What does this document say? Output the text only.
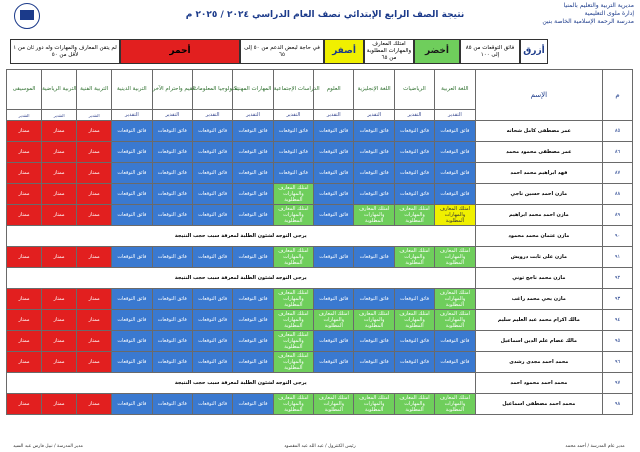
مديرية التربية والتعليم بالمنيا
إدارة ملوى التعليمية
مدرسة الرحمة الإسلامية الخاصة بنين
نتيجة الصف الرابع الإبتدائي نصف العام الدراسي ٢٠٢٤ / ٢٠٢٥ م
فائق التوقعات من ٨٥ إلى ١٠٠	أزرق
امتلك المعارف والمهارات المطلوبة من ٦٥
أخضر
في حاجة لبعض الدعم من ٥٠ إلى ٦٥	أصفر
أحمر
لم يتقن المعارف والمهارات وله دور ثان من ١ لأقل من ٥٠
الموسيقى	التربية الرياضية	التربية الفنية	التربية الدينية	القيم واحترام الآخر	تكنولوجيا المعلومات	المهارات المهنية	الدراسات الإجتماعية	العلوم	اللغة الإنجليزية	الرياضيات	اللغة العربية	الإسم	م
التقدير	التقدير	التقدير	التقدير	التقدير	التقدير	التقدير	التقدير	التقدير	التقدير	التقدير	التقدير		
ممتاز	ممتاز	ممتاز	فائق التوقعات	فائق التوقعات	فائق التوقعات	فائق التوقعات	فائق التوقعات	فائق التوقعات	فائق التوقعات	فائق التوقعات	فائق التوقعات	عمر مصطفى كامل شحاته	٨٥
ممتاز	ممتاز	ممتاز	فائق التوقعات	فائق التوقعات	فائق التوقعات	فائق التوقعات	فائق التوقعات	فائق التوقعات	فائق التوقعات	فائق التوقعات	فائق التوقعات	عمر مصطفى محمود محمد	٨٦
ممتاز	ممتاز	ممتاز	فائق التوقعات	فائق التوقعات	فائق التوقعات	فائق التوقعات	فائق التوقعات	فائق التوقعات	فائق التوقعات	فائق التوقعات	فائق التوقعات	فهد ابراهيم محمد احمد	٨٧
ممتاز	ممتاز	ممتاز	فائق التوقعات	فائق التوقعات	فائق التوقعات	فائق التوقعات	امتلك المعارف والمهارات المطلوبة	فائق التوقعات	فائق التوقعات	فائق التوقعات	فائق التوقعات	مازن احمد حسين ناجي	٨٨
ممتاز	ممتاز	ممتاز	فائق التوقعات	فائق التوقعات	فائق التوقعات	فائق التوقعات	امتلك المعارف والمهارات المطلوبة	فائق التوقعات	امتلك المعارف والمهارات المطلوبة	امتلك المعارف والمهارات المطلوبة	امتلك المعارف والمهارات المطلوبة	مازن احمد محمد ابراهيم	٨٩
يرجى التوجه لشئون الطلبة لمعرفة سبب حجب النتيجة												مازن عثمان محمد محمود	٩٠
ممتاز	ممتاز	ممتاز	فائق التوقعات	فائق التوقعات	فائق التوقعات	فائق التوقعات	امتلك المعارف والمهارات المطلوبة	فائق التوقعات	فائق التوقعات	امتلك المعارف والمهارات المطلوبة	امتلك المعارف والمهارات المطلوبة	مازن على ثابت درويش	٩١
يرجى التوجه لشئون الطلبة لمعرفة سبب حجب النتيجة												مازن محمد ناجح ثوني	٩٢
ممتاز	ممتاز	ممتاز	فائق التوقعات	فائق التوقعات	فائق التوقعات	فائق التوقعات	امتلك المعارف والمهارات المطلوبة	فائق التوقعات	فائق التوقعات	فائق التوقعات	امتلك المعارف والمهارات المطلوبة	مازن يحي محمد راغب	٩٣
ممتاز	ممتاز	ممتاز	فائق التوقعات	فائق التوقعات	فائق التوقعات	فائق التوقعات	امتلك المعارف والمهارات المطلوبة	امتلك المعارف والمهارات المطلوبة	امتلك المعارف والمهارات المطلوبة	امتلك المعارف والمهارات المطلوبة	امتلك المعارف والمهارات المطلوبة	مالك اكرام محمد عبد العليم سليم	٩٤
ممتاز	ممتاز	ممتاز	فائق التوقعات	فائق التوقعات	فائق التوقعات	فائق التوقعات	امتلك المعارف والمهارات المطلوبة	فائق التوقعات	فائق التوقعات	فائق التوقعات	فائق التوقعات	مالك عصام علم الدين اسماعيل	٩٥
ممتاز	ممتاز	ممتاز	فائق التوقعات	فائق التوقعات	فائق التوقعات	فائق التوقعات	امتلك المعارف والمهارات المطلوبة	فائق التوقعات	فائق التوقعات	فائق التوقعات	فائق التوقعات	محمد احمد مجدى رشدى	٩٦
يرجى التوجه لشئون الطلبة لمعرفة سبب حجب النتيجة												محمد احمد محمود احمد	٩٧
ممتاز	ممتاز	ممتاز	فائق التوقعات	فائق التوقعات	فائق التوقعات	فائق التوقعات	امتلك المعارف والمهارات المطلوبة	امتلك المعارف والمهارات المطلوبة	امتلك المعارف والمهارات المطلوبة	امتلك المعارف والمهارات المطلوبة	امتلك المعارف والمهارات المطلوبة	محمد احمد مصطفى اسماعيل	٩٨
مدير المدرسة / نبيل فارس عبد السيد	رئيس الكنترول / عبد الله عبد المقصود	مدير عام المدرسة / أحمد محمد
